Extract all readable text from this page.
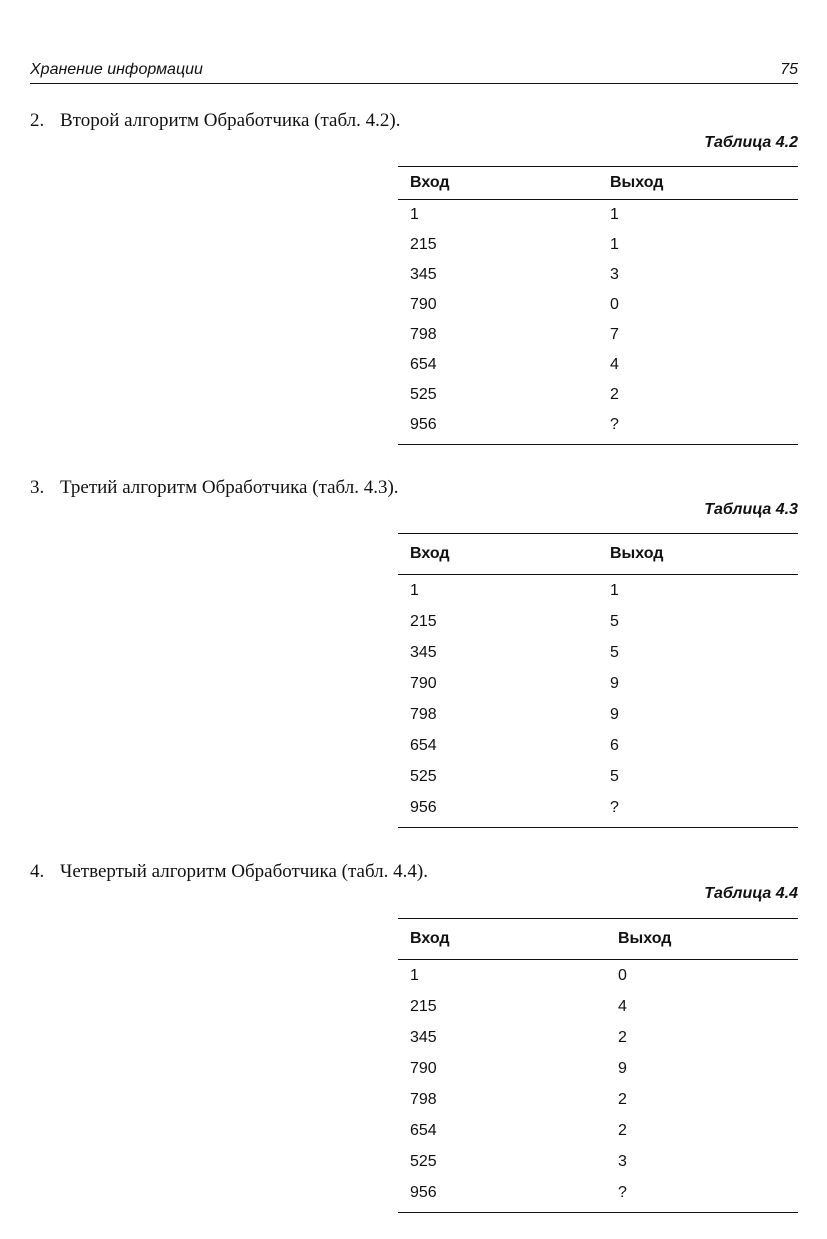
Хранение информации	75
2. Второй алгоритм Обработчика (табл. 4.2).
Таблица 4.2
Вход	Выход
1	1
215	1
345	3
790	0
798	7
654	4
525	2
956	?
3. Третий алгоритм Обработчика (табл. 4.3).
Таблица 4.3
Вход	Выход
1	1
215	5
345	5
790	9
798	9
654	6
525	5
956	?
4. Четвертый алгоритм Обработчика (табл. 4.4).
Таблица 4.4
Вход	Выход
1	0
215	4
345	2
790	9
798	2
654	2
525	3
956	?
